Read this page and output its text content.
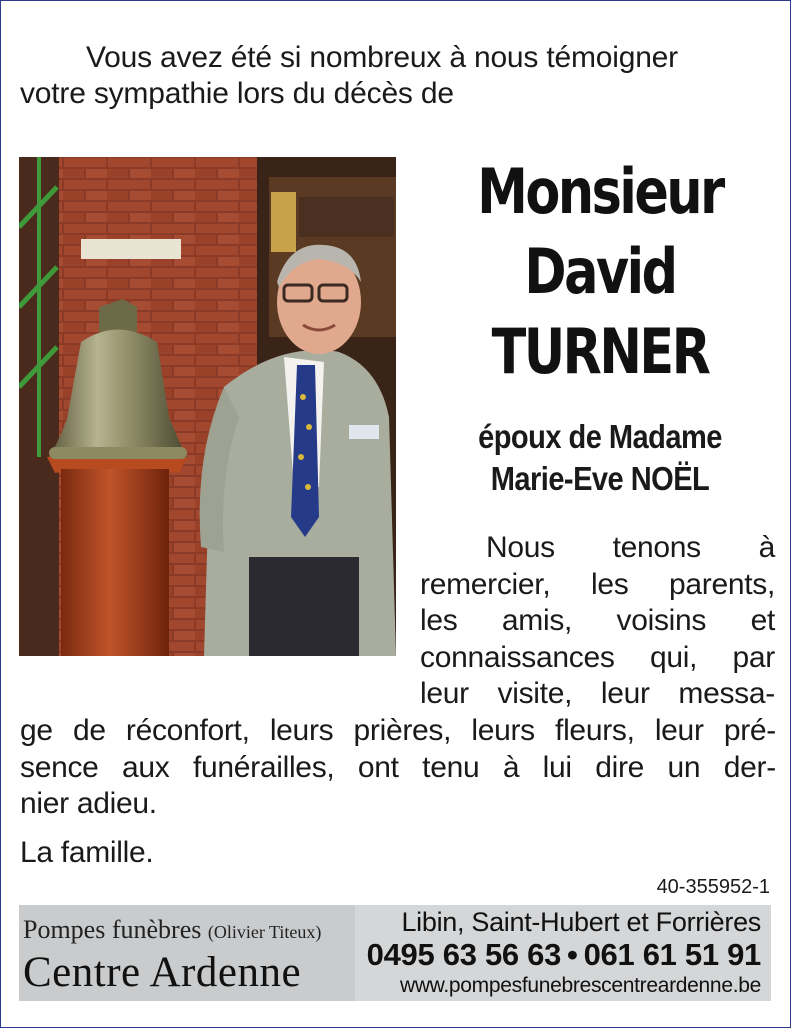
Vous avez été si nombreux à nous témoigner
votre sympathie lors du décès de
Monsieur
David
TURNER
époux de Madame
Marie-Eve NOËL
Nous tenons à
remercier, les parents,
les amis, voisins et
connaissances qui, par
leur visite, leur messa-
ge de réconfort, leurs prières, leurs fleurs, leur pré-
sence aux funérailles, ont tenu à lui dire un der-
nier adieu.
La famille.
40-355952-1
Pompes funèbres (Olivier Titeux)
Centre Ardenne
Libin, Saint-Hubert et Forrières
0495 63 56 63 • 061 61 51 91
www.pompesfunebrescentreardenne.be
